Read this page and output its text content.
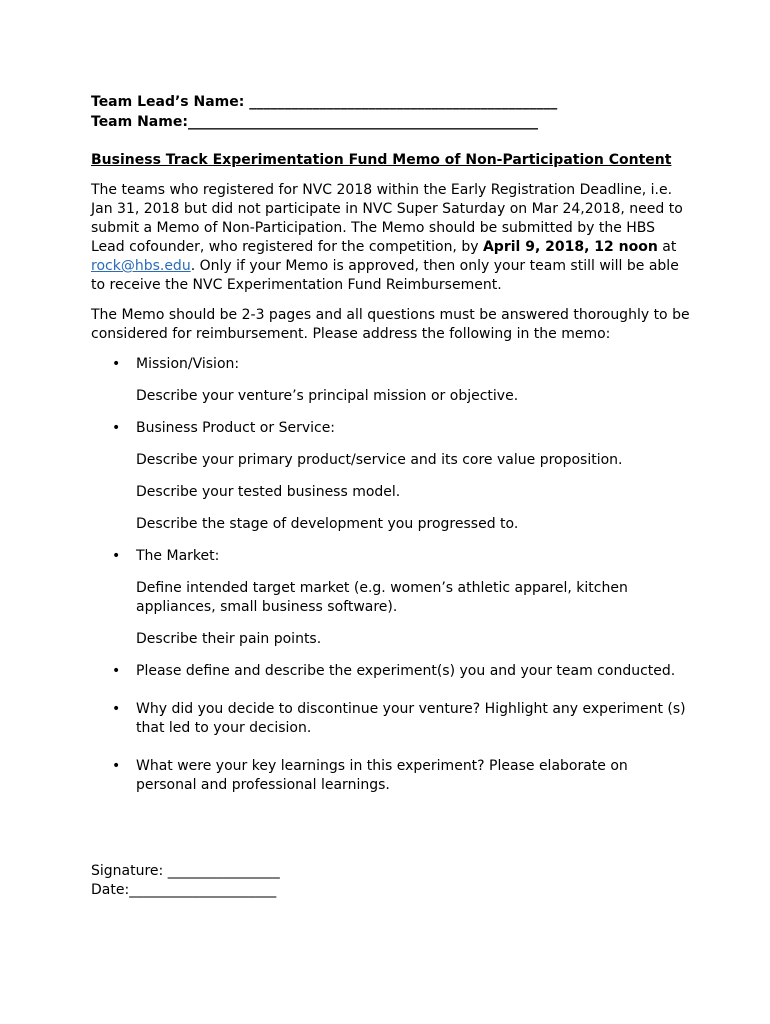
Team Lead’s Name: ____________________________________________
Team Name:__________________________________________________
Business Track Experimentation Fund Memo of Non-Participation Content
The teams who registered for NVC 2018 within the Early Registration Deadline, i.e. Jan 31, 2018 but did not participate in NVC Super Saturday on Mar 24,2018, need to submit a Memo of Non-Participation. The Memo should be submitted by the HBS Lead cofounder, who registered for the competition, by April 9, 2018, 12 noon at rock@hbs.edu. Only if your Memo is approved, then only your team still will be able to receive the NVC Experimentation Fund Reimbursement.
The Memo should be 2-3 pages and all questions must be answered thoroughly to be considered for reimbursement. Please address the following in the memo:
• Mission/Vision:
Describe your venture’s principal mission or objective.
• Business Product or Service:
Describe your primary product/service and its core value proposition.
Describe your tested business model.
Describe the stage of development you progressed to.
• The Market:
Define intended target market (e.g. women’s athletic apparel, kitchen appliances, small business software).
Describe their pain points.
• Please define and describe the experiment(s) you and your team conducted.
• Why did you decide to discontinue your venture? Highlight any experiment (s) that led to your decision.
• What were your key learnings in this experiment? Please elaborate on personal and professional learnings.
Signature: ________________
Date:_____________________
